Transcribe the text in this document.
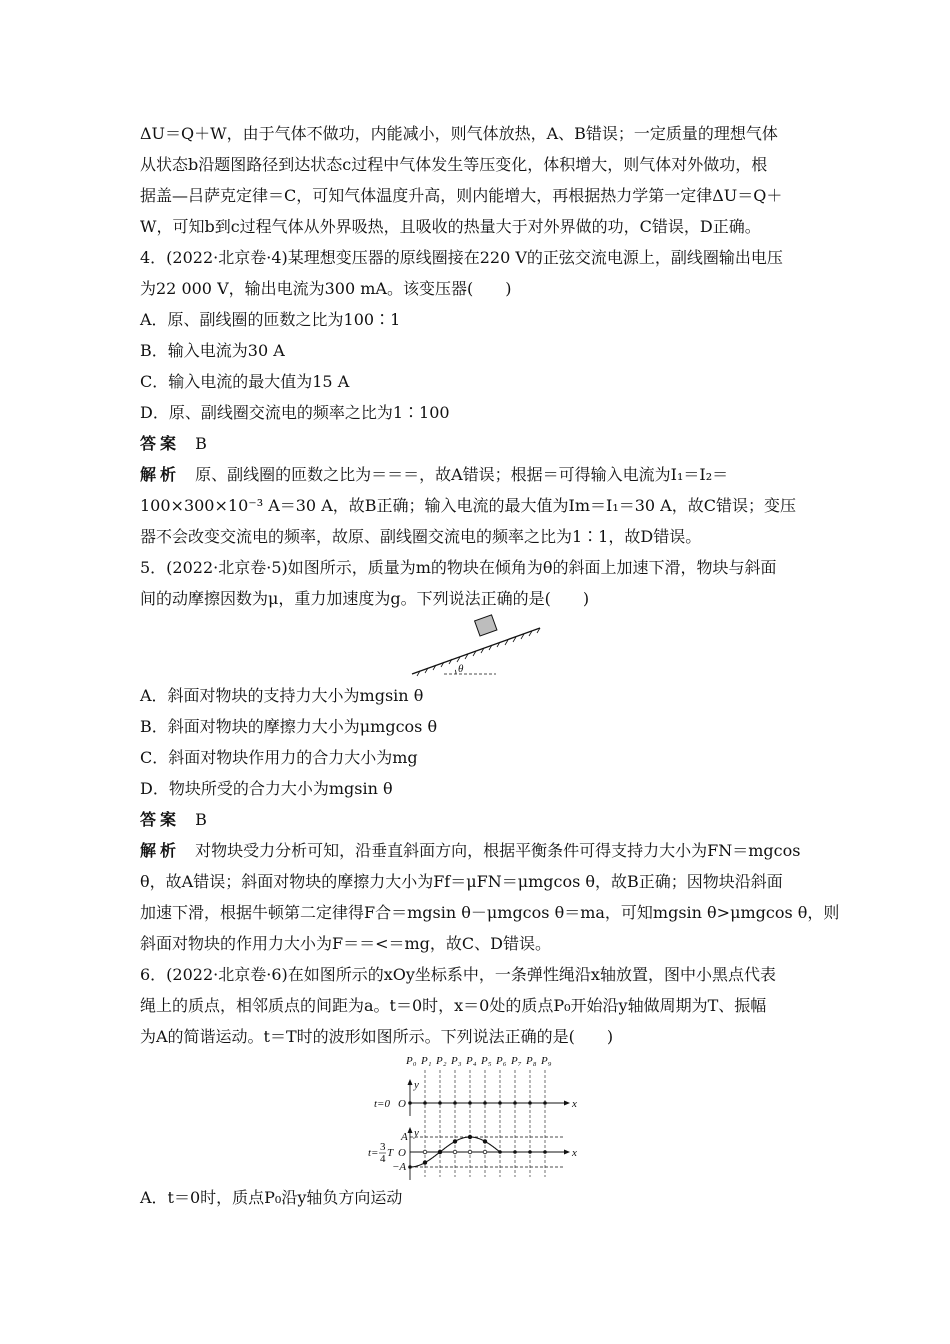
ΔU＝Q＋W，由于气体不做功，内能减小，则气体放热，A、B错误；一定质量的理想气体

从状态b沿题图路径到达状态c过程中气体发生等压变化，体积增大，则气体对外做功，根

据盖—吕萨克定律＝C，可知气体温度升高，则内能增大，再根据热力学第一定律ΔU＝Q＋

W，可知b到c过程气体从外界吸热，且吸收的热量大于对外界做的功，C错误，D正确。

4．(2022·北京卷·4)某理想变压器的原线圈接在220 V的正弦交流电源上，副线圈输出电压

为22 000 V，输出电流为300 mA。该变压器(　　)

A．原、副线圈的匝数之比为100∶1

B．输入电流为30 A

C．输入电流的最大值为15 A

D．原、副线圈交流电的频率之比为1∶100

答案 B

解析 原、副线圈的匝数之比为＝＝＝，故A错误；根据＝可得输入电流为I₁＝I₂＝

100×300×10⁻³ A＝30 A，故B正确；输入电流的最大值为Im＝I₁＝30 A，故C错误；变压

器不会改变交流电的频率，故原、副线圈交流电的频率之比为1∶1，故D错误。

5．(2022·北京卷·5)如图所示，质量为m的物块在倾角为θ的斜面上加速下滑，物块与斜面

间的动摩擦因数为μ，重力加速度为g。下列说法正确的是(　　)

θ

A．斜面对物块的支持力大小为mgsin θ

B．斜面对物块的摩擦力大小为μmgcos θ

C．斜面对物块作用力的合力大小为mg

D．物块所受的合力大小为mgsin θ

答案 B

解析 对物块受力分析可知，沿垂直斜面方向，根据平衡条件可得支持力大小为FN＝mgcos

θ，故A错误；斜面对物块的摩擦力大小为Ff＝μFN＝μmgcos θ，故B正确；因物块沿斜面

加速下滑，根据牛顿第二定律得F合＝mgsin θ－μmgcos θ＝ma，可知mgsin θ>μmgcos θ，则

斜面对物块的作用力大小为F＝＝<＝mg，故C、D错误。

6．(2022·北京卷·6)在如图所示的xOy坐标系中，一条弹性绳沿x轴放置，图中小黑点代表

绳上的质点，相邻质点的间距为a。t＝0时，x＝0处的质点P₀开始沿y轴做周期为T、振幅

为A的简谐运动。t＝T时的波形如图所示。下列说法正确的是(　　)

t=0
t= 3
4 T
O
O
A
−A
x
y
x
y
P₀ P₁ P₂ P₃ P₄ P₅ P₆ P₇ P₈ P₉

A．t＝0时，质点P₀沿y轴负方向运动
